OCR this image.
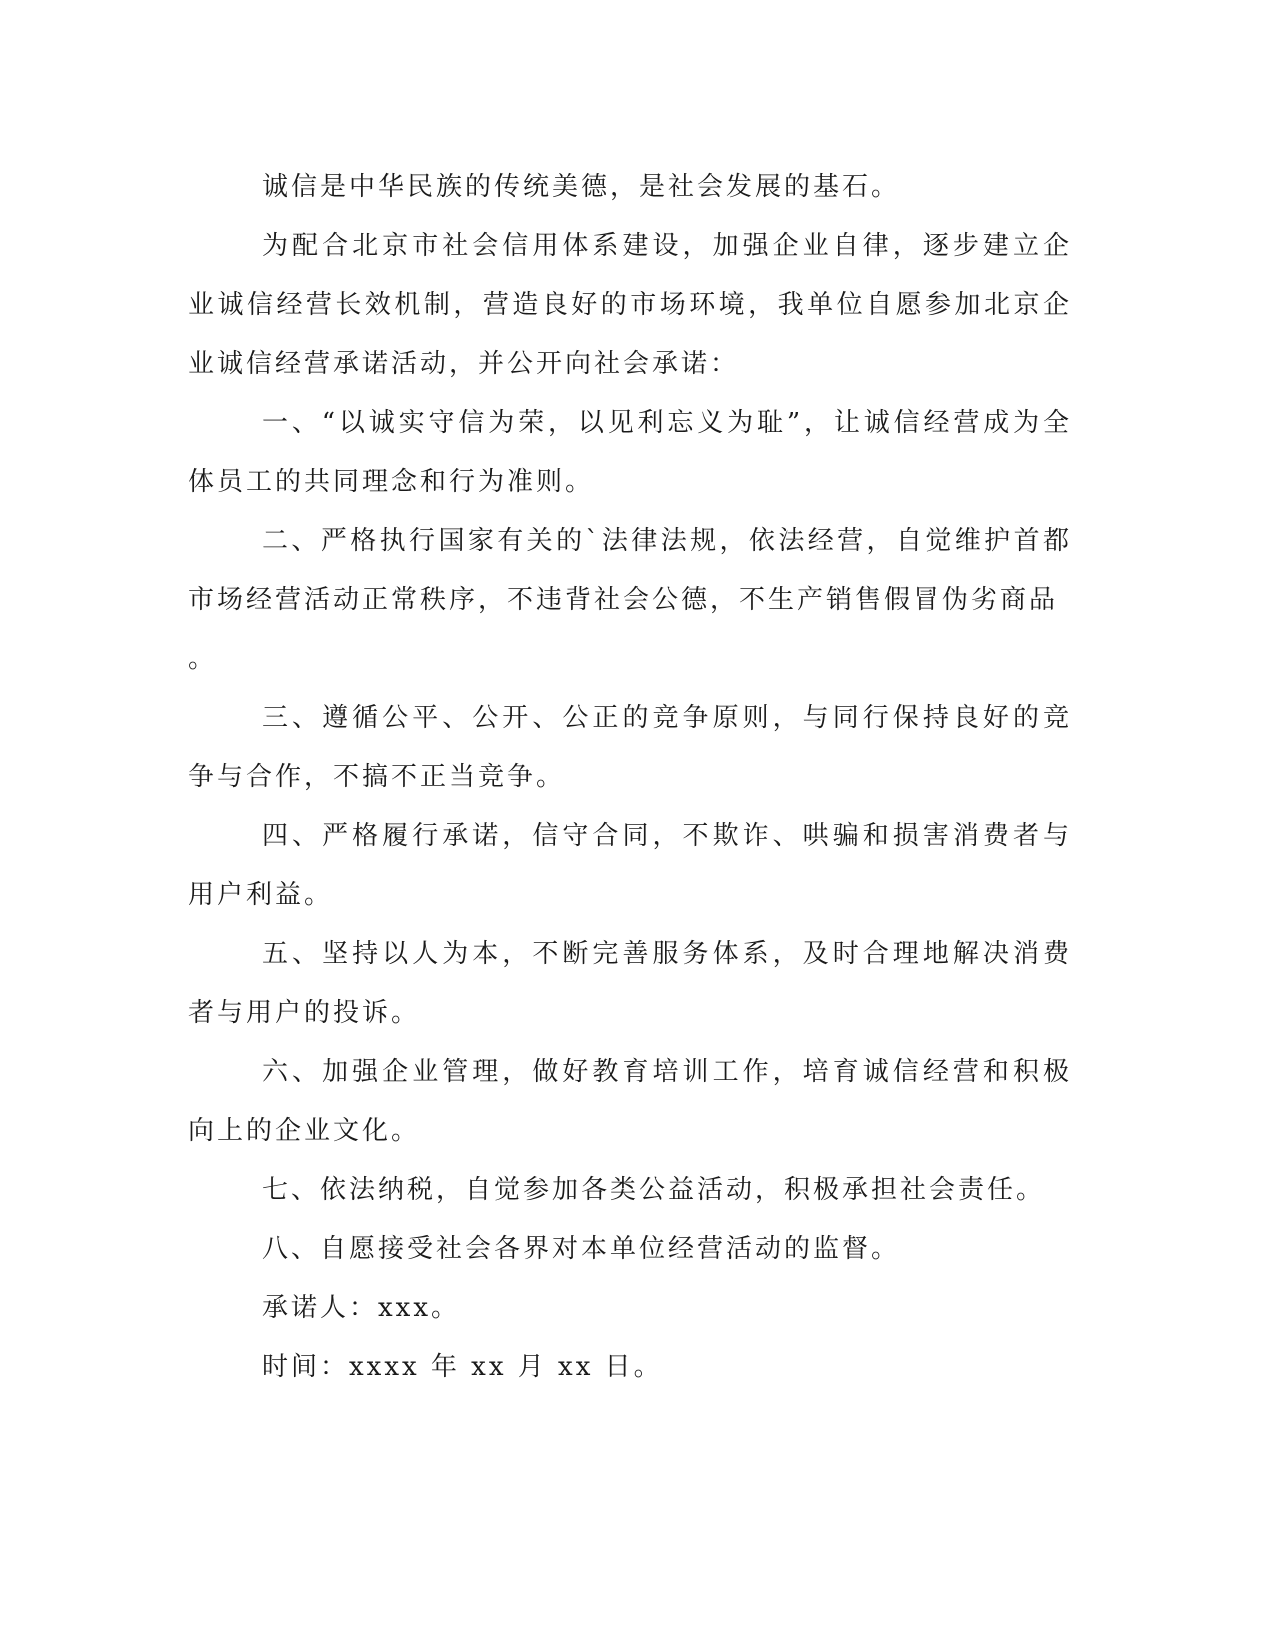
诚信是中华民族的传统美德，是社会发展的基石。

为配合北京市社会信用体系建设，加强企业自律，逐步建立企业诚信经营长效机制，营造良好的市场环境，我单位自愿参加北京企业诚信经营承诺活动，并公开向社会承诺：

一、“以诚实守信为荣，以见利忘义为耻”，让诚信经营成为全体员工的共同理念和行为准则。

二、严格执行国家有关的`法律法规，依法经营，自觉维护首都市场经营活动正常秩序，不违背社会公德，不生产销售假冒伪劣商品

。

三、遵循公平、公开、公正的竞争原则，与同行保持良好的竞争与合作，不搞不正当竞争。

四、严格履行承诺，信守合同，不欺诈、哄骗和损害消费者与用户利益。

五、坚持以人为本，不断完善服务体系，及时合理地解决消费者与用户的投诉。

六、加强企业管理，做好教育培训工作，培育诚信经营和积极向上的企业文化。

七、依法纳税，自觉参加各类公益活动，积极承担社会责任。

八、自愿接受社会各界对本单位经营活动的监督。

承诺人：xxx。

时间：xxxx 年 xx 月 xx 日。
